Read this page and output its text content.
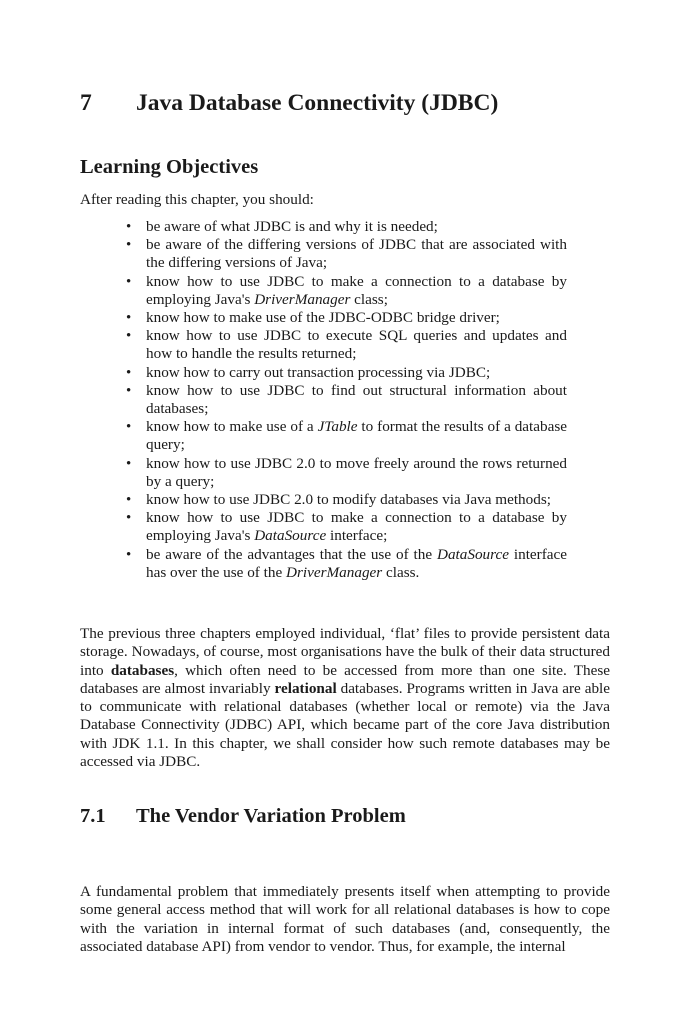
7 Java Database Connectivity (JDBC)
Learning Objectives
After reading this chapter, you should:
• be aware of what JDBC is and why it is needed;
• be aware of the differing versions of JDBC that are associated with the differing versions of Java;
• know how to use JDBC to make a connection to a database by employing Java's DriverManager class;
• know how to make use of the JDBC-ODBC bridge driver;
• know how to use JDBC to execute SQL queries and updates and how to handle the results returned;
• know how to carry out transaction processing via JDBC;
• know how to use JDBC to find out structural information about databases;
• know how to make use of a JTable to format the results of a database query;
• know how to use JDBC 2.0 to move freely around the rows returned by a query;
• know how to use JDBC 2.0 to modify databases via Java methods;
• know how to use JDBC to make a connection to a database by employing Java's DataSource interface;
• be aware of the advantages that the use of the DataSource interface has over the use of the DriverManager class.

The previous three chapters employed individual, ‘flat’ files to provide persistent data storage. Nowadays, of course, most organisations have the bulk of their data structured into databases, which often need to be accessed from more than one site. These databases are almost invariably relational databases. Programs written in Java are able to communicate with relational databases (whether local or remote) via the Java Database Connectivity (JDBC) API, which became part of the core Java distribution with JDK 1.1. In this chapter, we shall consider how such remote databases may be accessed via JDBC.

7.1 The Vendor Variation Problem

A fundamental problem that immediately presents itself when attempting to provide some general access method that will work for all relational databases is how to cope with the variation in internal format of such databases (and, consequently, the associated database API) from vendor to vendor. Thus, for example, the internal
